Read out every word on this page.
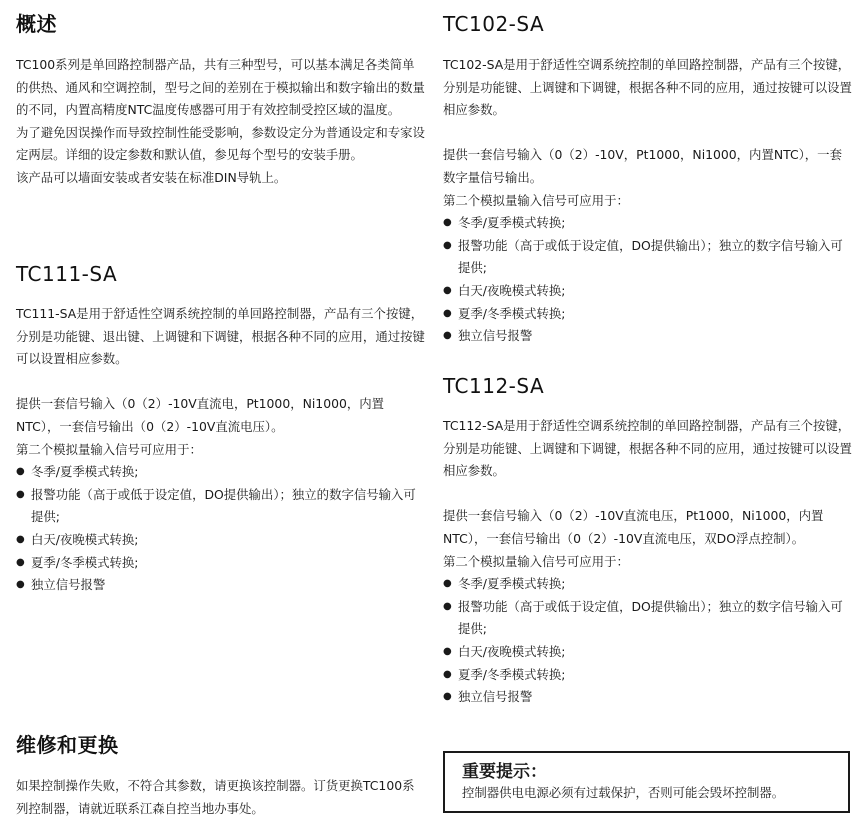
概述

TC100系列是单回路控制器产品，共有三种型号，可以基本满足各类简单的供热、通风和空调控制，型号之间的差别在于模拟输出和数字输出的数量的不同，内置高精度NTC温度传感器可用于有效控制受控区域的温度。

为了避免因误操作而导致控制性能受影响，参数设定分为普通设定和专家设定两层。详细的设定参数和默认值，参见每个型号的安装手册。

该产品可以墙面安装或者安装在标准DIN导轨上。

TC111-SA

TC111-SA是用于舒适性空调系统控制的单回路控制器，产品有三个按键，分别是功能键、退出键、上调键和下调键，根据各种不同的应用，通过按键可以设置相应参数。

提供一套信号输入（0（2）-10V直流电，Pt1000，Ni1000，内置NTC），一套信号输出（0（2）-10V直流电压）。

第二个模拟量输入信号可应用于：

● 冬季/夏季模式转换;
● 报警功能（高于或低于设定值，DO提供输出）；独立的数字信号输入可提供;
● 白天/夜晚模式转换;
● 夏季/冬季模式转换;
● 独立信号报警
维修和更换

如果控制操作失败，不符合其参数，请更换该控制器。订货更换TC100系列控制器，请就近联系江森自控当地办事处。

TC102-SA

TC102-SA是用于舒适性空调系统控制的单回路控制器，产品有三个按键，分别是功能键、上调键和下调键，根据各种不同的应用，通过按键可以设置相应参数。

提供一套信号输入（0（2）-10V，Pt1000，Ni1000，内置NTC），一套数字量信号输出。

第二个模拟量输入信号可应用于：

● 冬季/夏季模式转换;
● 报警功能（高于或低于设定值，DO提供输出）；独立的数字信号输入可提供;
● 白天/夜晚模式转换;
● 夏季/冬季模式转换;
● 独立信号报警
TC112-SA

TC112-SA是用于舒适性空调系统控制的单回路控制器，产品有三个按键，分别是功能键、上调键和下调键，根据各种不同的应用，通过按键可以设置相应参数。

提供一套信号输入（0（2）-10V直流电压，Pt1000，Ni1000，内置NTC），一套信号输出（0（2）-10V直流电压，双DO浮点控制）。

第二个模拟量输入信号可应用于：

● 冬季/夏季模式转换;
● 报警功能（高于或低于设定值，DO提供输出）；独立的数字信号输入可提供;
● 白天/夜晚模式转换;
● 夏季/冬季模式转换;
● 独立信号报警
重要提示：

控制器供电电源必须有过载保护，否则可能会毁坏控制器。
